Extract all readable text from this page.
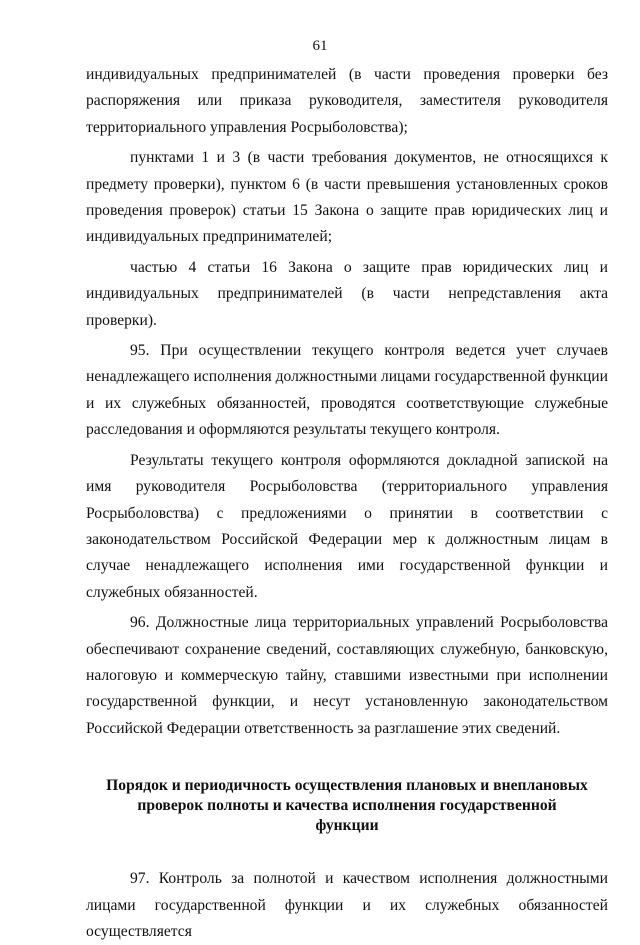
61

индивидуальных предпринимателей (в части проведения проверки без распоряжения или приказа руководителя, заместителя руководителя территориального управления Росрыболовства);

пунктами 1 и 3 (в части требования документов, не относящихся к предмету проверки), пунктом 6 (в части превышения установленных сроков проведения проверок) статьи 15 Закона о защите прав юридических лиц и индивидуальных предпринимателей;

частью 4 статьи 16 Закона о защите прав юридических лиц и индивидуальных предпринимателей (в части непредставления акта проверки).

95. При осуществлении текущего контроля ведется учет случаев ненадлежащего исполнения должностными лицами государственной функции и их служебных обязанностей, проводятся соответствующие служебные расследования и оформляются результаты текущего контроля.

Результаты текущего контроля оформляются докладной запиской на имя руководителя Росрыболовства (территориального управления Росрыболовства) с предложениями о принятии в соответствии с законодательством Российской Федерации мер к должностным лицам в случае ненадлежащего исполнения ими государственной функции и служебных обязанностей.

96. Должностные лица территориальных управлений Росрыболовства обеспечивают сохранение сведений, составляющих служебную, банковскую, налоговую и коммерческую тайну, ставшими известными при исполнении государственной функции, и несут установленную законодательством Российской Федерации ответственность за разглашение этих сведений.

Порядок и периодичность осуществления плановых и внеплановых проверок полноты и качества исполнения государственной функции

97. Контроль за полнотой и качеством исполнения должностными лицами государственной функции и их служебных обязанностей осуществляется
